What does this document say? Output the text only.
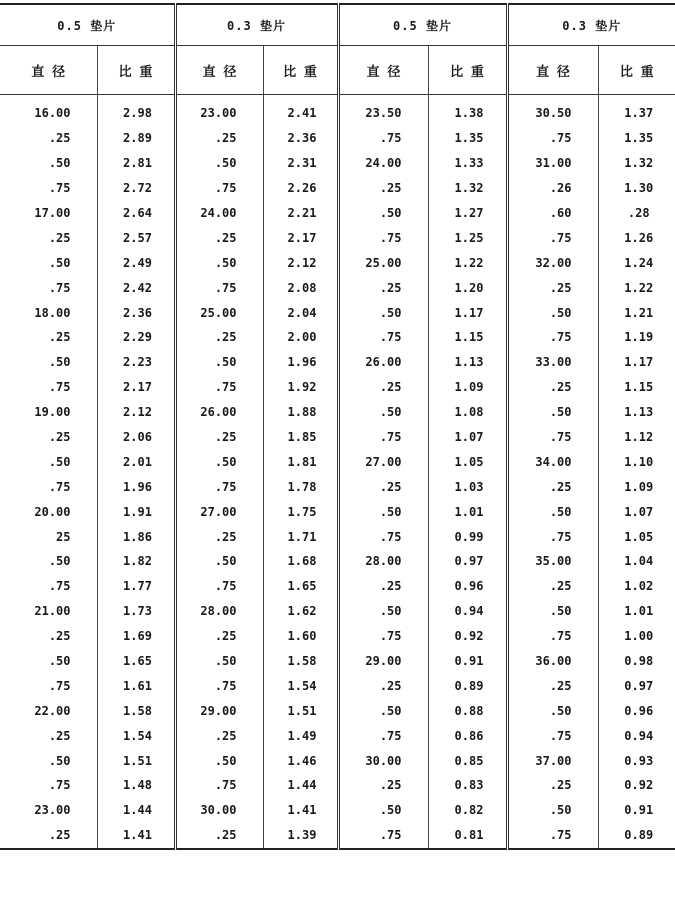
0.5 垫片		0.3 垫片		0.5 垫片		0.3 垫片	
直 径	比 重	直 径	比 重	直 径	比 重	直 径	比 重
16.00	2.98	23.00	2.41	23.50	1.38	30.50	1.37
.25	2.89	.25	2.36	.75	1.35	.75	1.35
.50	2.81	.50	2.31	24.00	1.33	31.00	1.32
.75	2.72	.75	2.26	.25	1.32	.26	1.30
17.00	2.64	24.00	2.21	.50	1.27	.60	.28
.25	2.57	.25	2.17	.75	1.25	.75	1.26
.50	2.49	.50	2.12	25.00	1.22	32.00	1.24
.75	2.42	.75	2.08	.25	1.20	.25	1.22
18.00	2.36	25.00	2.04	.50	1.17	.50	1.21
.25	2.29	.25	2.00	.75	1.15	.75	1.19
.50	2.23	.50	1.96	26.00	1.13	33.00	1.17
.75	2.17	.75	1.92	.25	1.09	.25	1.15
19.00	2.12	26.00	1.88	.50	1.08	.50	1.13
.25	2.06	.25	1.85	.75	1.07	.75	1.12
.50	2.01	.50	1.81	27.00	1.05	34.00	1.10
.75	1.96	.75	1.78	.25	1.03	.25	1.09
20.00	1.91	27.00	1.75	.50	1.01	.50	1.07
25	1.86	.25	1.71	.75	0.99	.75	1.05
.50	1.82	.50	1.68	28.00	0.97	35.00	1.04
.75	1.77	.75	1.65	.25	0.96	.25	1.02
21.00	1.73	28.00	1.62	.50	0.94	.50	1.01
.25	1.69	.25	1.60	.75	0.92	.75	1.00
.50	1.65	.50	1.58	29.00	0.91	36.00	0.98
.75	1.61	.75	1.54	.25	0.89	.25	0.97
22.00	1.58	29.00	1.51	.50	0.88	.50	0.96
.25	1.54	.25	1.49	.75	0.86	.75	0.94
.50	1.51	.50	1.46	30.00	0.85	37.00	0.93
.75	1.48	.75	1.44	.25	0.83	.25	0.92
23.00	1.44	30.00	1.41	.50	0.82	.50	0.91
.25	1.41	.25	1.39	.75	0.81	.75	0.89
